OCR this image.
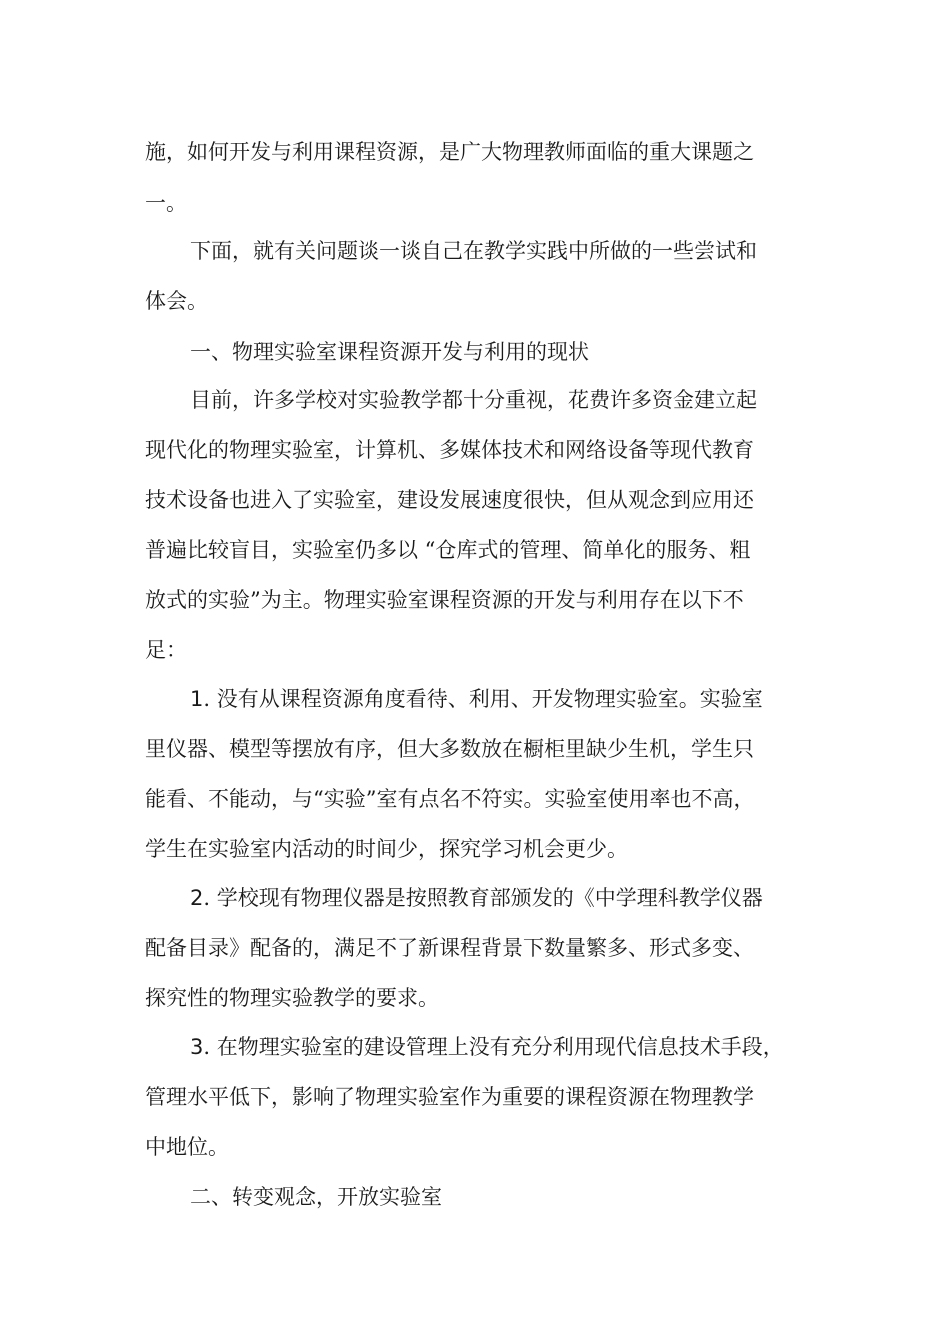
施，如何开发与利用课程资源，是广大物理教师面临的重大课题之
一。
下面，就有关问题谈一谈自己在教学实践中所做的一些尝试和
体会。
一、物理实验室课程资源开发与利用的现状
目前，许多学校对实验教学都十分重视，花费许多资金建立起
现代化的物理实验室，计算机、多媒体技术和网络设备等现代教育
技术设备也进入了实验室，建设发展速度很快，但从观念到应用还
普遍比较盲目，实验室仍多以 “仓库式的管理、简单化的服务、粗
放式的实验”为主。物理实验室课程资源的开发与利用存在以下不
足：
1. 没有从课程资源角度看待、利用、开发物理实验室。实验室
里仪器、模型等摆放有序，但大多数放在橱柜里缺少生机，学生只
能看、不能动，与“实验”室有点名不符实。实验室使用率也不高，
学生在实验室内活动的时间少，探究学习机会更少。
2. 学校现有物理仪器是按照教育部颁发的《中学理科教学仪器
配备目录》配备的，满足不了新课程背景下数量繁多、形式多变、
探究性的物理实验教学的要求。
3. 在物理实验室的建设管理上没有充分利用现代信息技术手段，
管理水平低下，影响了物理实验室作为重要的课程资源在物理教学
中地位。
二、转变观念，开放实验室
